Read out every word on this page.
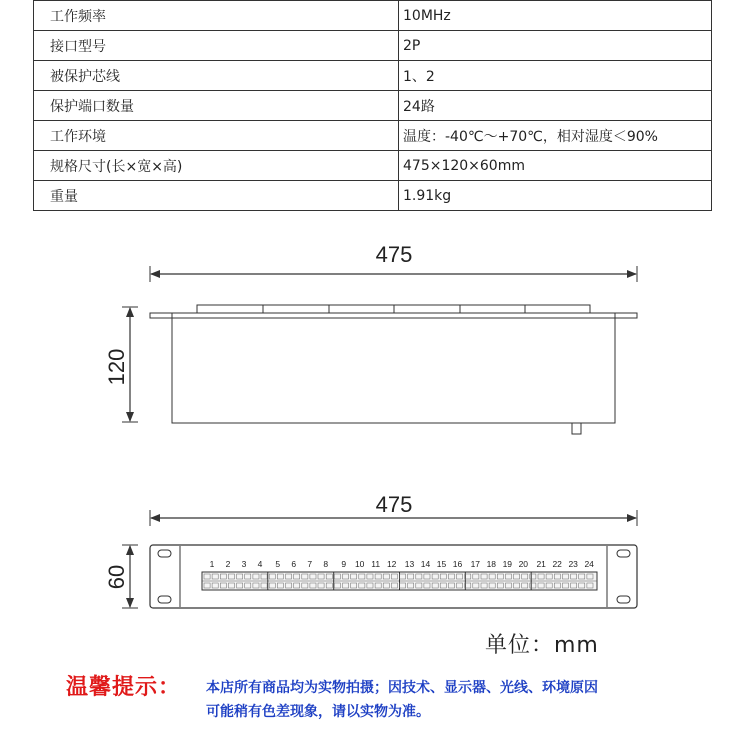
工作频率	10MHz
接口型号	2P
被保护芯线	1、2
保护端口数量	24路
工作环境	温度：-40℃～+70℃，相对湿度＜90%
规格尺寸(长×宽×高)	475×120×60mm
重量	1.91kg
475
120
475
60
1 2 3 4 5 6 7 8 9 10 11 12 13 14 15 16 17 18 19 20 21 22 23 24
单位：mm
温馨提示： 本店所有商品均为实物拍摄；因技术、显示器、光线、环境原因
可能稍有色差现象，请以实物为准。
